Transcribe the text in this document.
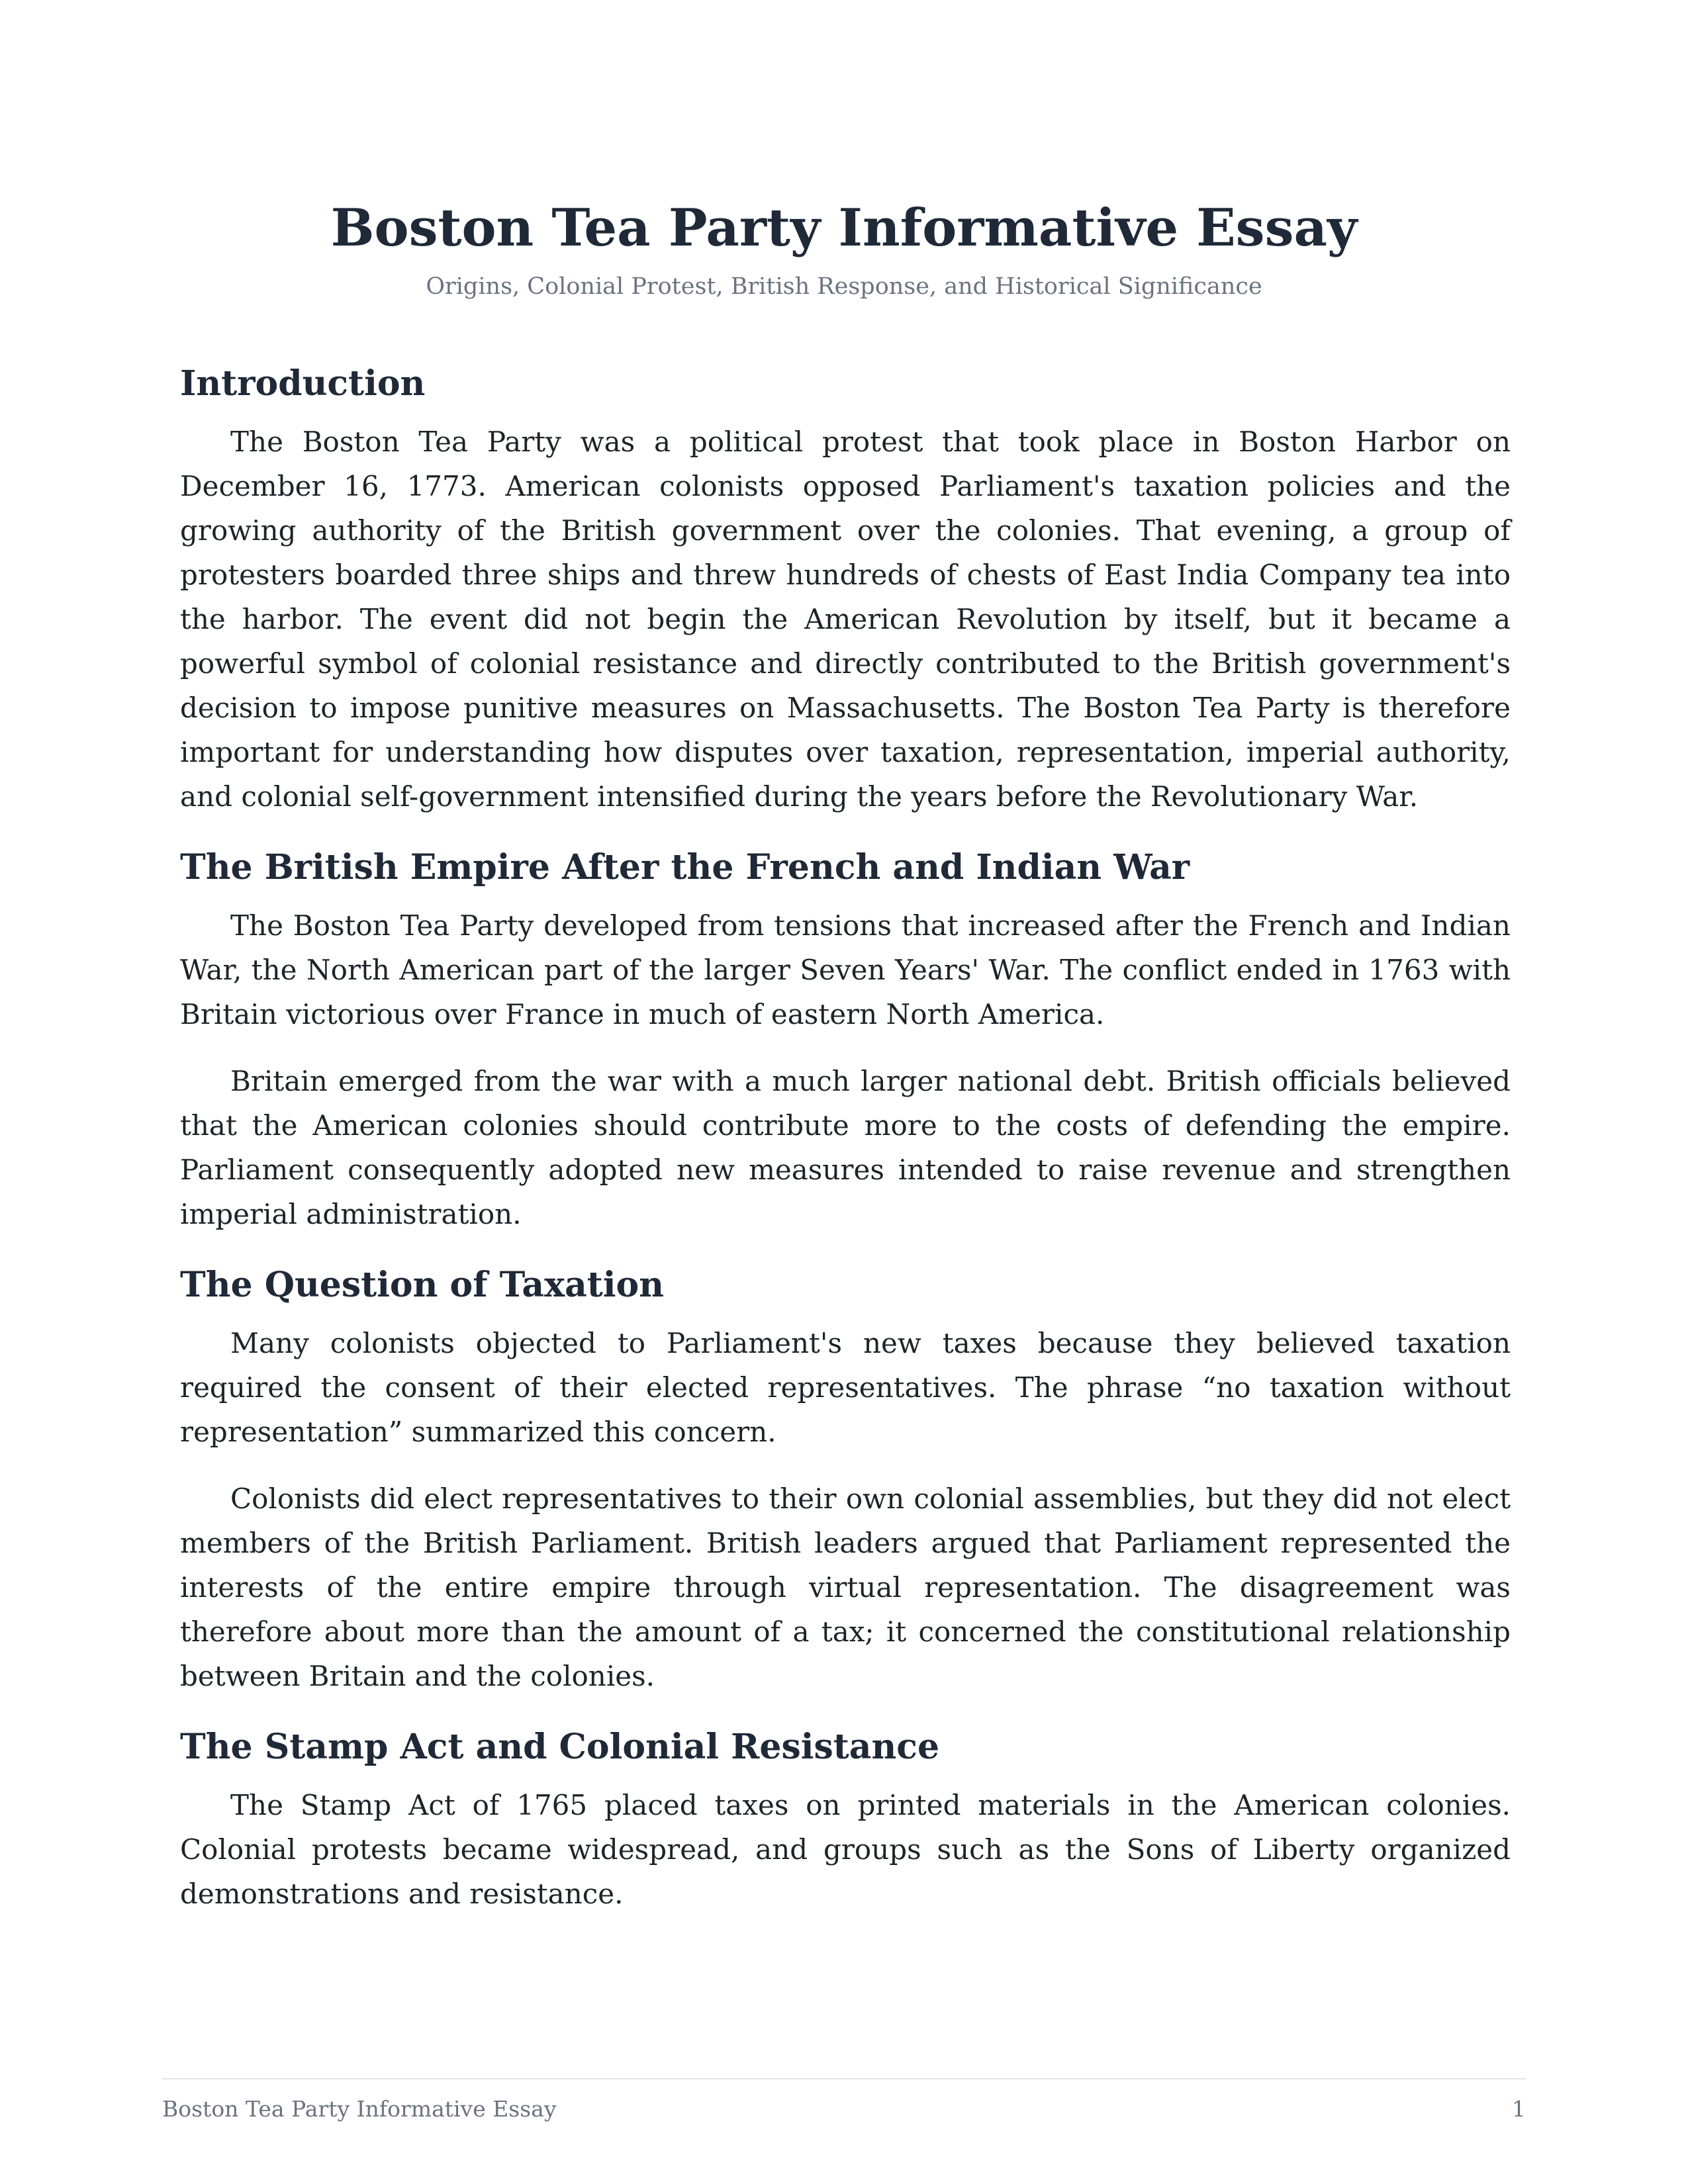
Boston Tea Party Informative Essay

Origins, Colonial Protest, British Response, and Historical Significance

Introduction

The Boston Tea Party was a political protest that took place in Boston Harbor on December 16, 1773. American colonists opposed Parliament's taxation policies and the growing authority of the British government over the colonies. That evening, a group of protesters boarded three ships and threw hundreds of chests of East India Company tea into the harbor. The event did not begin the American Revolution by itself, but it became a powerful symbol of colonial resistance and directly contributed to the British government's decision to impose punitive measures on Massachusetts. The Boston Tea Party is therefore important for understanding how disputes over taxation, representation, imperial authority, and colonial self-government intensified during the years before the Revolutionary War.

The British Empire After the French and Indian War

The Boston Tea Party developed from tensions that increased after the French and Indian War, the North American part of the larger Seven Years' War. The conflict ended in 1763 with Britain victorious over France in much of eastern North America.

Britain emerged from the war with a much larger national debt. British officials believed that the American colonies should contribute more to the costs of defending the empire. Parliament consequently adopted new measures intended to raise revenue and strengthen imperial administration.

The Question of Taxation

Many colonists objected to Parliament's new taxes because they believed taxation required the consent of their elected representatives. The phrase “no taxation without representation” summarized this concern.

Colonists did elect representatives to their own colonial assemblies, but they did not elect members of the British Parliament. British leaders argued that Parliament represented the interests of the entire empire through virtual representation. The disagreement was therefore about more than the amount of a tax; it concerned the constitutional relationship between Britain and the colonies.

The Stamp Act and Colonial Resistance

The Stamp Act of 1765 placed taxes on printed materials in the American colonies. Colonial protests became widespread, and groups such as the Sons of Liberty organized demonstrations and resistance.

Boston Tea Party Informative Essay	1
